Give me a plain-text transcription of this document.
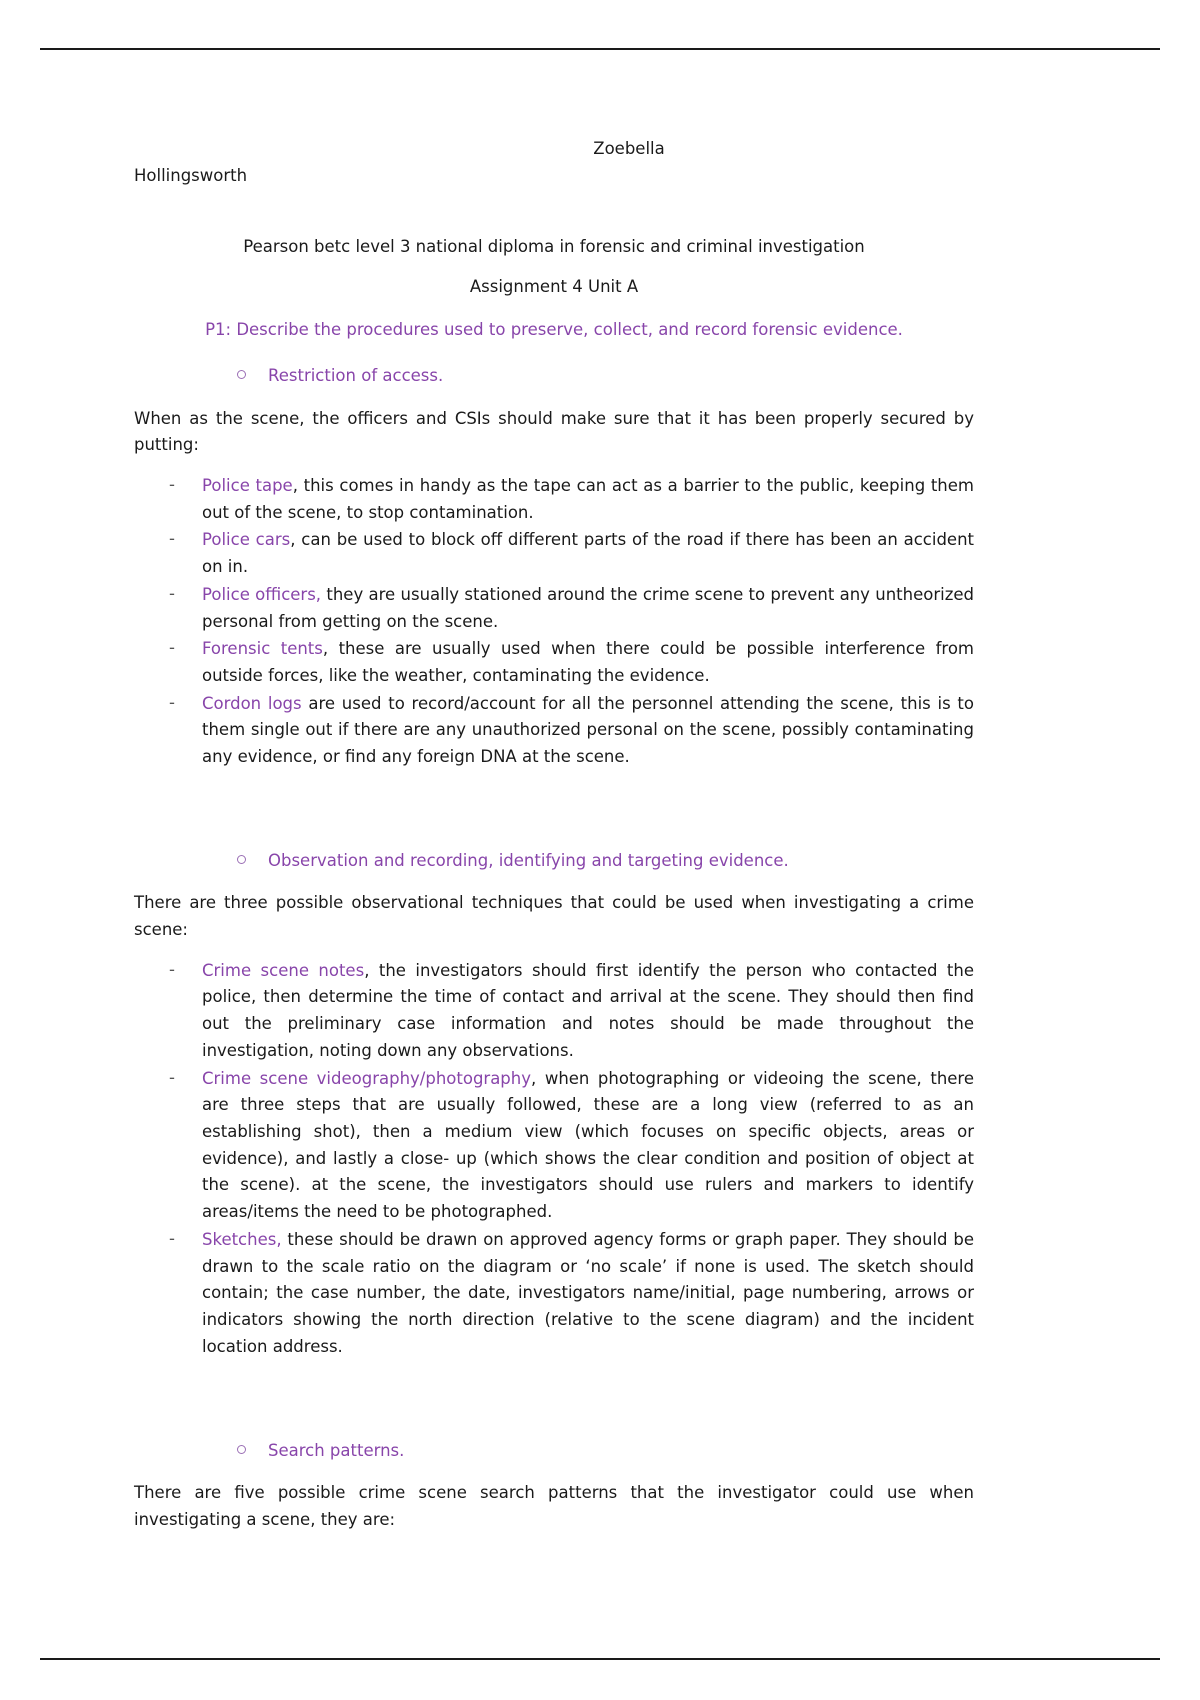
Zoebella
Hollingsworth
Pearson betc level 3 national diploma in forensic and criminal investigation
Assignment 4 Unit A
P1: Describe the procedures used to preserve, collect, and record forensic evidence.
Restriction of access.

When as the scene, the officers and CSIs should make sure that it has been properly secured by putting:

- Police tape, this comes in handy as the tape can act as a barrier to the public, keeping them out of the scene, to stop contamination.
- Police cars, can be used to block off different parts of the road if there has been an accident on in.
- Police officers, they are usually stationed around the crime scene to prevent any untheorized personal from getting on the scene.
- Forensic tents, these are usually used when there could be possible interference from outside forces, like the weather, contaminating the evidence.
- Cordon logs are used to record/account for all the personnel attending the scene, this is to them single out if there are any unauthorized personal on the scene, possibly contaminating any evidence, or find any foreign DNA at the scene.
Observation and recording, identifying and targeting evidence.

There are three possible observational techniques that could be used when investigating a crime scene:

- Crime scene notes, the investigators should first identify the person who contacted the police, then determine the time of contact and arrival at the scene. They should then find out the preliminary case information and notes should be made throughout the investigation, noting down any observations.
- Crime scene videography/photography, when photographing or videoing the scene, there are three steps that are usually followed, these are a long view (referred to as an establishing shot), then a medium view (which focuses on specific objects, areas or evidence), and lastly a close- up (which shows the clear condition and position of object at the scene). at the scene, the investigators should use rulers and markers to identify areas/items the need to be photographed.
- Sketches, these should be drawn on approved agency forms or graph paper. They should be drawn to the scale ratio on the diagram or ‘no scale’ if none is used. The sketch should contain; the case number, the date, investigators name/initial, page numbering, arrows or indicators showing the north direction (relative to the scene diagram) and the incident location address.
Search patterns.

There are five possible crime scene search patterns that the investigator could use when investigating a scene, they are:
